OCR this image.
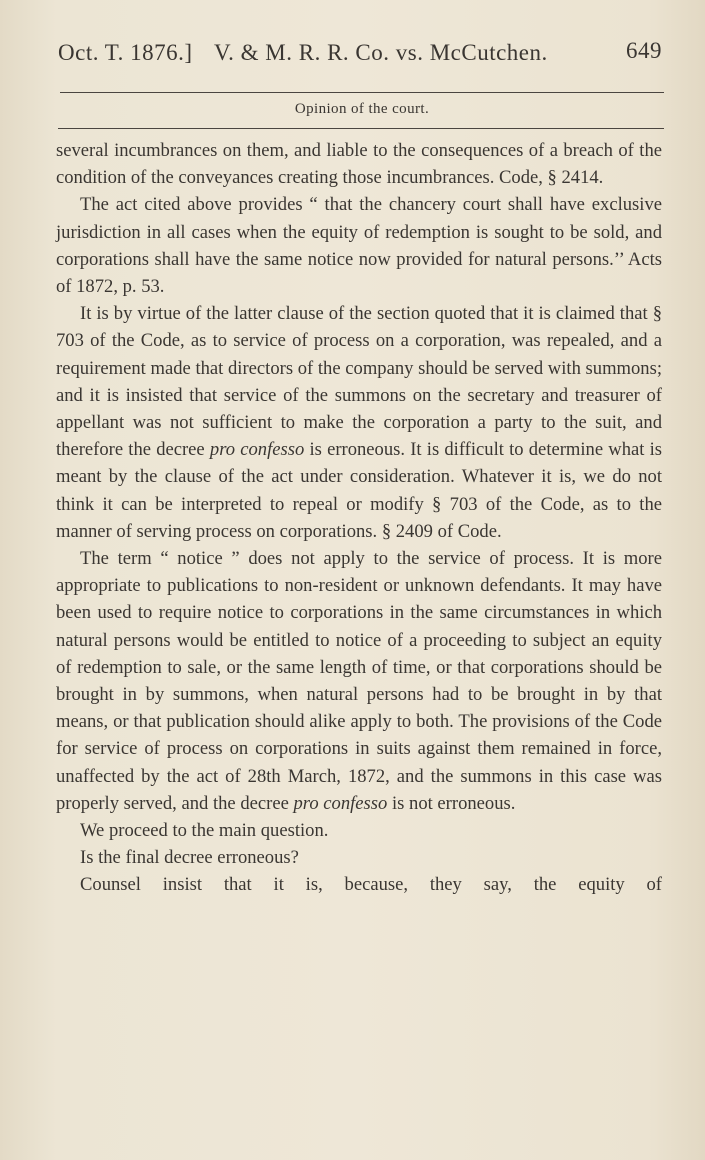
Oct. T. 1876.] V. & M. R. R. Co. vs. McCutchen.	649
Opinion of the court.

several incumbrances on them, and liable to the consequences of a breach of the condition of the conveyances creating those incumbrances. Code, § 2414.

The act cited above provides “ that the chancery court shall have exclusive jurisdiction in all cases when the equity of redemption is sought to be sold, and corporations shall have the same notice now provided for natural persons.’’ Acts of 1872, p. 53.

It is by virtue of the latter clause of the section quoted that it is claimed that § 703 of the Code, as to service of process on a corporation, was repealed, and a requirement made that directors of the company should be served with summons; and it is insisted that service of the summons on the secretary and treasurer of appellant was not sufficient to make the corporation a party to the suit, and therefore the decree pro confesso is erroneous. It is difficult to determine what is meant by the clause of the act under consideration. Whatever it is, we do not think it can be interpreted to repeal or modify § 703 of the Code, as to the manner of serving process on corporations. § 2409 of Code.

The term “ notice ” does not apply to the service of process. It is more appropriate to publications to non-resident or unknown defendants. It may have been used to require notice to corporations in the same circumstances in which natural persons would be entitled to notice of a proceeding to subject an equity of redemption to sale, or the same length of time, or that corporations should be brought in by summons, when natural persons had to be brought in by that means, or that publication should alike apply to both. The provisions of the Code for service of process on corporations in suits against them remained in force, unaffected by the act of 28th March, 1872, and the summons in this case was properly served, and the decree pro confesso is not erroneous.

We proceed to the main question.

Is the final decree erroneous?

Counsel insist that it is, because, they say, the equity of
